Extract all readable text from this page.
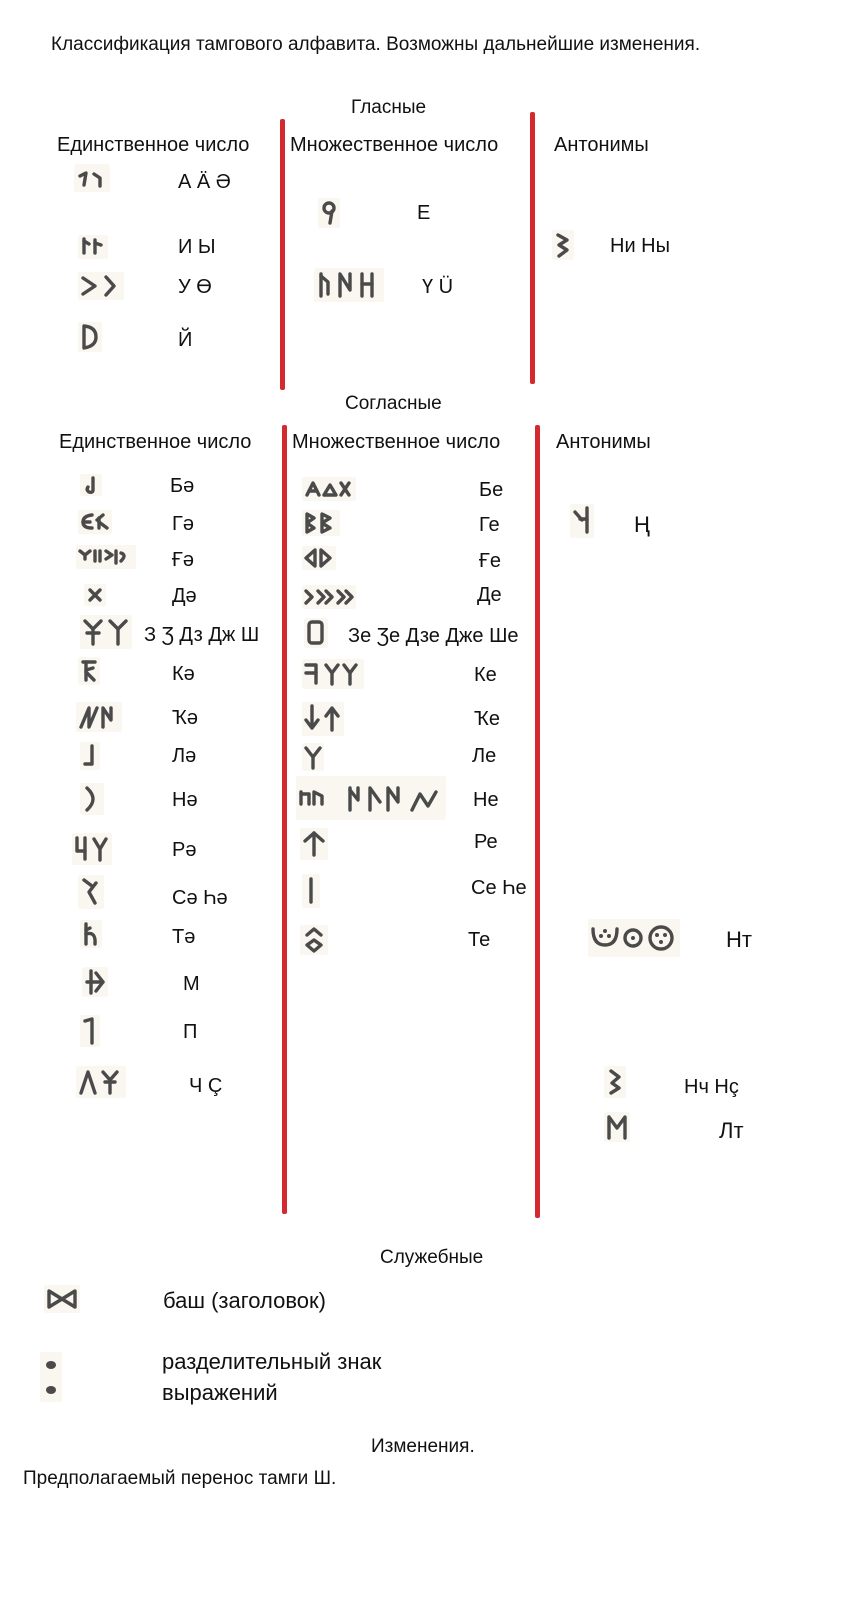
Классификация тамгового алфавита. Возможны дальнейшие изменения.
Гласные
Единственное число Множественное число	Антонимы
А Ä Ə
И Ы
У Ө
Й
Е
Ү Ü
Ни Ны
Согласные
Единственное число Множественное число	Антонимы
Бə
Гə
Ғə
Дə
З Ʒ Дз Дж Ш
Кə
Ҡə
Лə
Нə
Рə
Сə Һə
Тə
М
П
Ч Ç
Бе
Ге
Ғе
Де
Зе Ʒе Дзе Дже Ше
Ке
Ҡе
Ле
Не
Ре
Се Һе
Те
Ң
Нт
Нч Нç
Лт
Служебные
баш (заголовок)
разделительный знак
выражений
Изменения.
Предполагаемый перенос тамги Ш.
